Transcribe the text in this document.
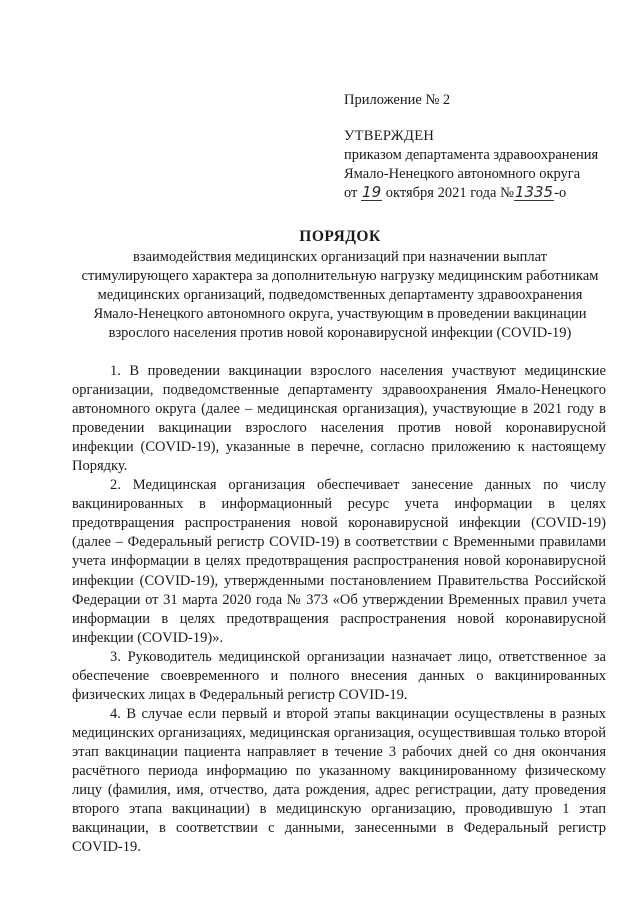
Приложение № 2

УТВЕРЖДЕН

приказом департамента здравоохранения

Ямало-Ненецкого автономного округа

от 19 октября 2021 года №1335-о

ПОРЯДОК

взаимодействия медицинских организаций при назначении выплат стимулирующего характера за дополнительную нагрузку медицинским работникам медицинских организаций, подведомственных департаменту здравоохранения Ямало-Ненецкого автономного округа, участвующим в проведении вакцинации взрослого населения против новой коронавирусной инфекции (COVID-19)

1. В проведении вакцинации взрослого населения участвуют медицинские организации, подведомственные департаменту здравоохранения Ямало-Ненецкого автономного округа (далее – медицинская организация), участвующие в 2021 году в проведении вакцинации взрослого населения против новой коронавирусной инфекции (COVID-19), указанные в перечне, согласно приложению к настоящему Порядку.

2. Медицинская организация обеспечивает занесение данных по числу вакцинированных в информационный ресурс учета информации в целях предотвращения распространения новой коронавирусной инфекции (COVID-19) (далее – Федеральный регистр COVID-19) в соответствии с Временными правилами учета информации в целях предотвращения распространения новой коронавирусной инфекции (COVID-19), утвержденными постановлением Правительства Российской Федерации от 31 марта 2020 года № 373 «Об утверждении Временных правил учета информации в целях предотвращения распространения новой коронавирусной инфекции (COVID-19)».

3. Руководитель медицинской организации назначает лицо, ответственное за обеспечение своевременного и полного внесения данных о вакцинированных физических лицах в Федеральный регистр COVID-19.

4. В случае если первый и второй этапы вакцинации осуществлены в разных медицинских организациях, медицинская организация, осуществившая только второй этап вакцинации пациента направляет в течение 3 рабочих дней со дня окончания расчётного периода информацию по указанному вакцинированному физическому лицу (фамилия, имя, отчество, дата рождения, адрес регистрации, дату проведения второго этапа вакцинации) в медицинскую организацию, проводившую 1 этап вакцинации, в соответствии с данными, занесенными в Федеральный регистр COVID-19.
